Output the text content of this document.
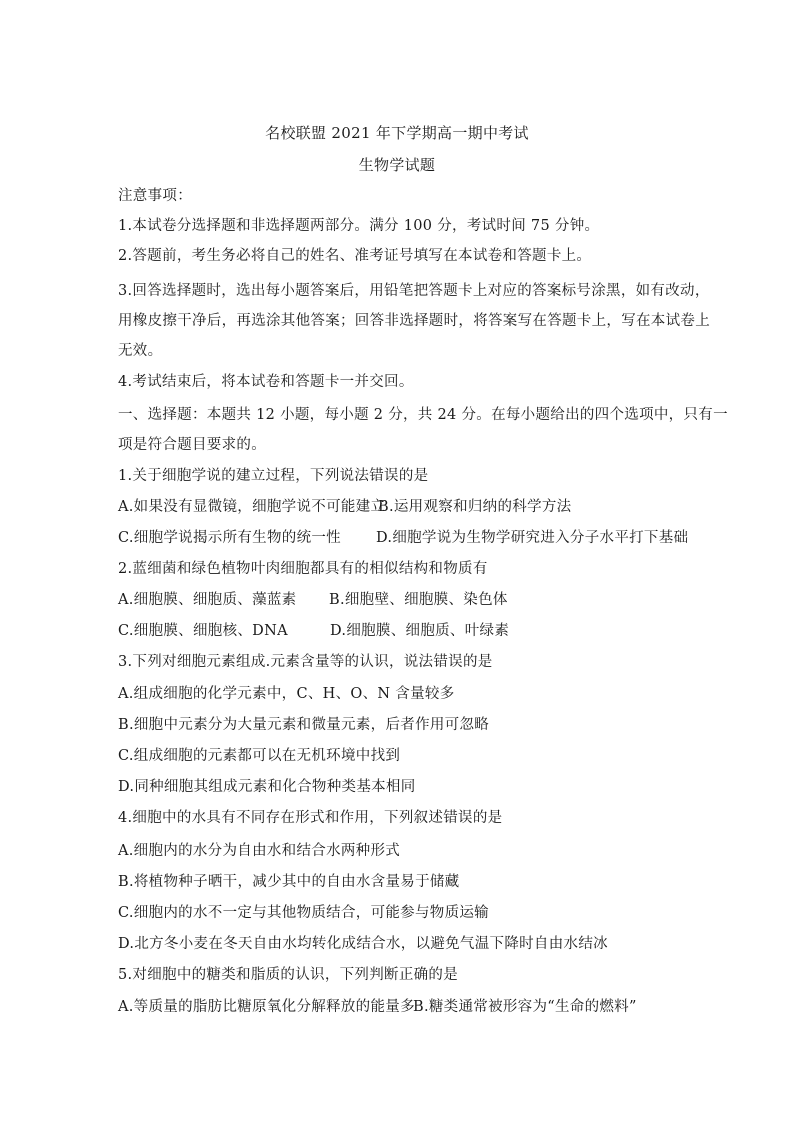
名校联盟 2021 年下学期高一期中考试
生物学试题
注意事项：
1.本试卷分选择题和非选择题两部分。满分 100 分，考试时间 75 分钟。
2.答题前，考生务必将自己的姓名、准考证号填写在本试卷和答题卡上。
3.回答选择题时，选出每小题答案后，用铅笔把答题卡上对应的答案标号涂黑，如有改动，
用橡皮擦干净后，再选涂其他答案；回答非选择题时，将答案写在答题卡上，写在本试卷上
无效。
4.考试结束后，将本试卷和答题卡一并交回。
一、选择题：本题共 12 小题，每小题 2 分，共 24 分。在每小题给出的四个选项中，只有一
项是符合题目要求的。
1.关于细胞学说的建立过程，下列说法错误的是
A.如果没有显微镜，细胞学说不可能建立
B.运用观察和归纳的科学方法
C.细胞学说揭示所有生物的统一性 D.细胞学说为生物学研究进入分子水平打下基础
2.蓝细菌和绿色植物叶肉细胞都具有的相似结构和物质有
A.细胞膜、细胞质、藻蓝素 B.细胞壁、细胞膜、染色体
C.细胞膜、细胞核、DNA	D.细胞膜、细胞质、叶绿素
3.下列对细胞元素组成.元素含量等的认识，说法错误的是
A.组成细胞的化学元素中，C、H、O、N 含量较多
B.细胞中元素分为大量元素和微量元素，后者作用可忽略
C.组成细胞的元素都可以在无机环境中找到
D.同种细胞其组成元素和化合物种类基本相同
4.细胞中的水具有不同存在形式和作用，下列叙述错误的是
A.细胞内的水分为自由水和结合水两种形式
B.将植物种子晒干，减少其中的自由水含量易于储藏
C.细胞内的水不一定与其他物质结合，可能参与物质运输
D.北方冬小麦在冬天自由水均转化成结合水，以避免气温下降时自由水结冰
5.对细胞中的糖类和脂质的认识，下列判断正确的是
A.等质量的脂肪比糖原氧化分解释放的能量多
B.糖类通常被形容为“生命的燃料”
